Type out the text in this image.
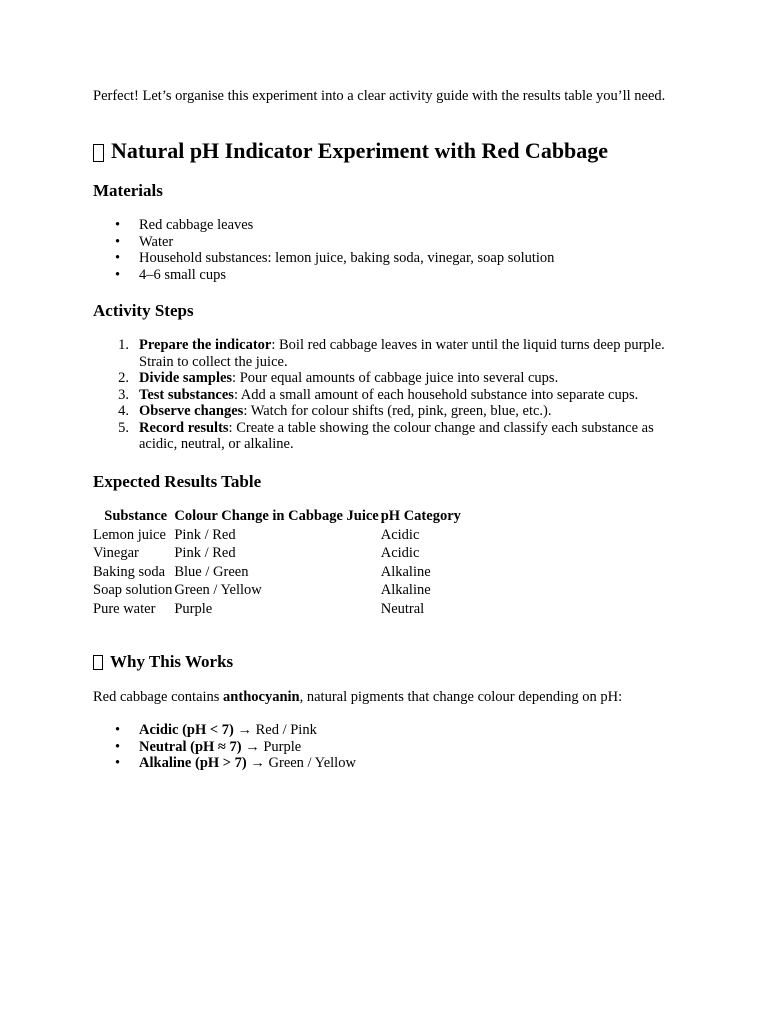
Perfect! Let’s organise this experiment into a clear activity guide with the results table you’ll need.

Natural pH Indicator Experiment with Red Cabbage
Materials
• Red cabbage leaves
• Water
• Household substances: lemon juice, baking soda, vinegar, soap solution
• 4–6 small cups
Activity Steps
1. Prepare the indicator: Boil red cabbage leaves in water until the liquid turns deep purple. Strain to collect the juice.
2. Divide samples: Pour equal amounts of cabbage juice into several cups.
3. Test substances: Add a small amount of each household substance into separate cups.
4. Observe changes: Watch for colour shifts (red, pink, green, blue, etc.).
5. Record results: Create a table showing the colour change and classify each substance as acidic, neutral, or alkaline.
Expected Results Table
Substance	Colour Change in Cabbage Juice	pH Category
Lemon juice	Pink / Red	Acidic
Vinegar	Pink / Red	Acidic
Baking soda	Blue / Green	Alkaline
Soap solution	Green / Yellow	Alkaline
Pure water	Purple	Neutral
Why This Works

Red cabbage contains anthocyanin, natural pigments that change colour depending on pH:

• Acidic (pH < 7) → Red / Pink
• Neutral (pH ≈ 7) → Purple
• Alkaline (pH > 7) → Green / Yellow
